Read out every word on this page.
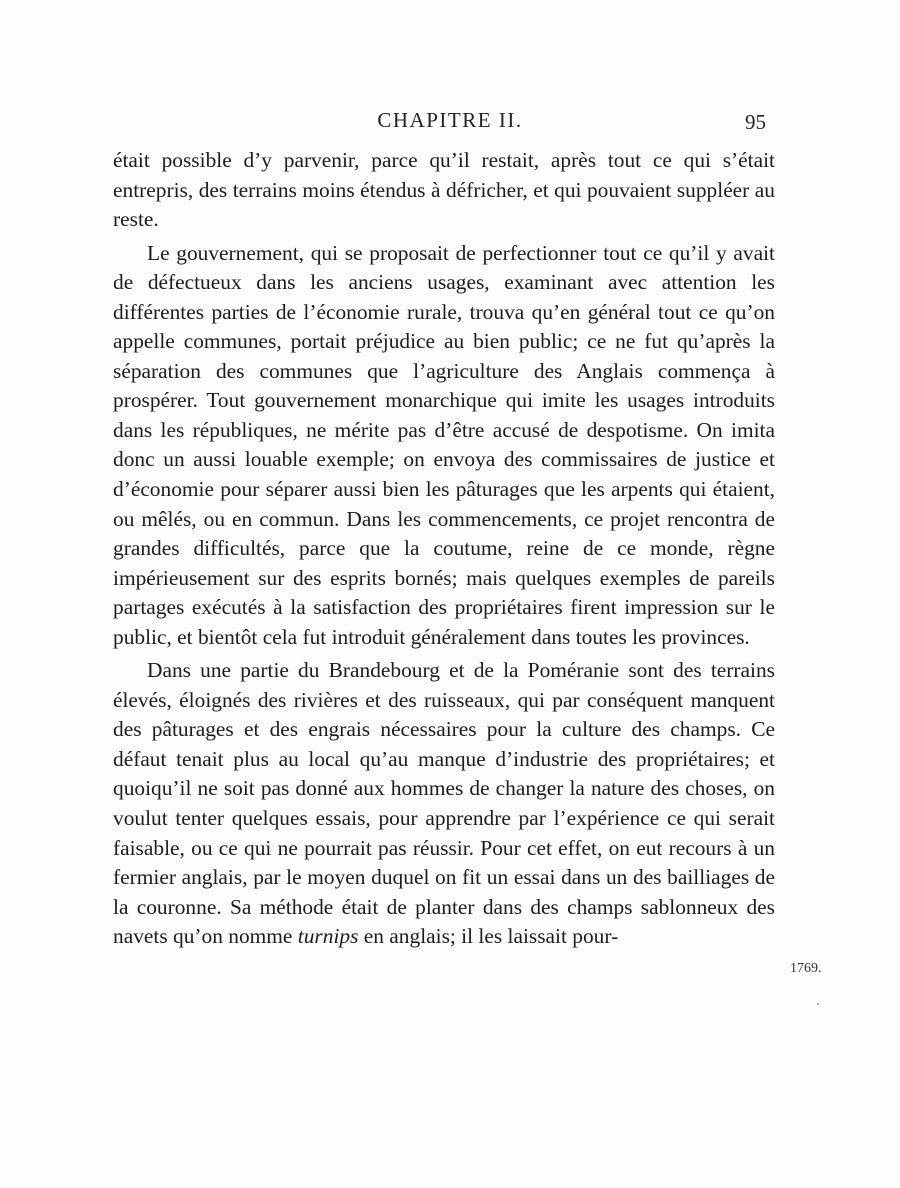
CHAPITRE II.	95

était possible d’y parvenir, parce qu’il restait, après tout ce qui s’était entrepris, des terrains moins étendus à défricher, et qui pouvaient suppléer au reste.

Le gouvernement, qui se proposait de perfectionner tout ce qu’il y avait de défectueux dans les anciens usages, examinant avec attention les différentes parties de l’économie rurale, trouva qu’en général tout ce qu’on appelle communes, portait préjudice au bien public; ce ne fut qu’après la séparation des communes que l’agriculture des Anglais commença à prospérer. Tout gouvernement monarchique qui imite les usages introduits dans les républiques, ne mérite pas d’être accusé de despotisme. On imita donc un aussi louable exemple; on envoya des commissaires de justice et d’économie pour séparer aussi bien les pâturages que les arpents qui étaient, ou mêlés, ou en commun. Dans les commencements, ce projet rencontra de grandes difficultés, parce que la coutume, reine de ce monde, règne impérieusement sur des esprits bornés; mais quelques exemples de pareils partages exécutés à la satisfaction des propriétaires firent impression sur le public, et bientôt cela fut introduit généralement dans toutes les provinces.

Dans une partie du Brandebourg et de la Poméranie sont des terrains élevés, éloignés des rivières et des ruisseaux, qui par conséquent manquent des pâturages et des engrais nécessaires pour la culture des champs. Ce défaut tenait plus au local qu’au manque d’industrie des propriétaires; et quoiqu’il ne soit pas donné aux hommes de changer la nature des choses, on voulut tenter quelques essais, pour apprendre par l’expérience ce qui serait faisable, ou ce qui ne pourrait pas réussir. Pour cet effet, on eut recours à un fermier anglais, par le moyen duquel on fit un essai dans un des bailliages de la couronne. Sa méthode était de planter dans des champs sablonneux des navets qu’on nomme turnips en anglais; il les laissait pour-

1769.
